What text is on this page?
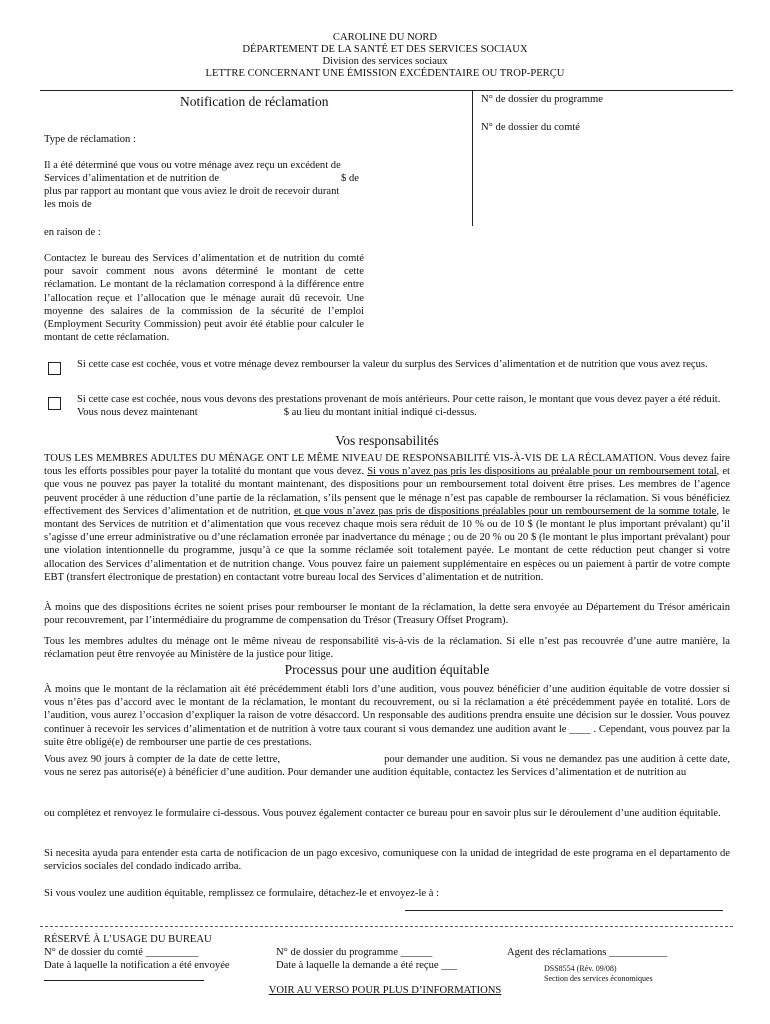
CAROLINE DU NORD
DÉPARTEMENT DE LA SANTÉ ET DES SERVICES SOCIAUX
Division des services sociaux
LETTRE CONCERNANT UNE ÉMISSION EXCÉDENTAIRE OU TROP-PERÇU
Notification de réclamation	N° de dossier du programme
N° de dossier du comté
Type de réclamation :
Il a été déterminé que vous ou votre ménage avez reçu un excédent de
Services d’alimentation et de nutrition de	$ de
plus par rapport au montant que vous aviez le droit de recevoir durant
les mois de
en raison de :
Contactez le bureau des Services d’alimentation et de nutrition du comté pour savoir comment nous avons déterminé le montant de cette réclamation. Le montant de la réclamation correspond à la différence entre l’allocation reçue et l’allocation que le ménage aurait dû recevoir. Une moyenne des salaires de la commission de la sécurité de l’emploi (Employment Security Commission) peut avoir été établie pour calculer le montant de cette réclamation.
Si cette case est cochée, vous et votre ménage devez rembourser la valeur du surplus des Services d’alimentation et de nutrition que vous avez reçus.
Si cette case est cochée, nous vous devons des prestations provenant de mois antérieurs. Pour cette raison, le montant que vous devez payer a été réduit. Vous nous devez maintenant	$ au lieu du montant initial indiqué ci-dessus.
Vos responsabilités
TOUS LES MEMBRES ADULTES DU MÉNAGE ONT LE MÊME NIVEAU DE RESPONSABILITÉ VIS-À-VIS DE LA RÉCLAMATION. Vous devez faire tous les efforts possibles pour payer la totalité du montant que vous devez. Si vous n’avez pas pris les dispositions au préalable pour un remboursement total, et que vous ne pouvez pas payer la totalité du montant maintenant, des dispositions pour un remboursement total doivent être prises. Les membres de l’agence peuvent procéder à une réduction d’une partie de la réclamation, s’ils pensent que le ménage n’est pas capable de rembourser la réclamation. Si vous bénéficiez effectivement des Services d’alimentation et de nutrition, et que vous n’avez pas pris de dispositions préalables pour un remboursement de la somme totale, le montant des Services de nutrition et d’alimentation que vous recevez chaque mois sera réduit de 10 % ou de 10 $ (le montant le plus important prévalant) qu’il s’agisse d’une erreur administrative ou d’une réclamation erronée par inadvertance du ménage ; ou de 20 % ou 20 $ (le montant le plus important prévalant) pour une violation intentionnelle du programme, jusqu’à ce que la somme réclamée soit totalement payée. Le montant de cette réduction peut changer si votre allocation des Services d’alimentation et de nutrition change. Vous pouvez faire un paiement supplémentaire en espèces ou un paiement à partir de votre compte EBT (transfert électronique de prestation) en contactant votre bureau local des Services d’alimentation et de nutrition.
À moins que des dispositions écrites ne soient prises pour rembourser le montant de la réclamation, la dette sera envoyée au Département du Trésor américain pour recouvrement, par l’intermédiaire du programme de compensation du Trésor (Treasury Offset Program).
Tous les membres adultes du ménage ont le même niveau de responsabilité vis-à-vis de la réclamation. Si elle n’est pas recouvrée d’une autre manière, la réclamation peut être renvoyée au Ministère de la justice pour litige.
Processus pour une audition équitable
À moins que le montant de la réclamation ait été précédemment établi lors d’une audition, vous pouvez bénéficier d’une audition équitable de votre dossier si vous n’êtes pas d’accord avec le montant de la réclamation, le montant du recouvrement, ou si la réclamation a été précédemment payée en totalité. Lors de l’audition, vous aurez l’occasion d’expliquer la raison de votre désaccord. Un responsable des auditions prendra ensuite une décision sur le dossier. Vous pouvez continuer à recevoir les services d’alimentation et de nutrition à votre taux courant si vous demandez une audition avant le ____ . Cependant, vous pouvez par la suite être obligé(e) de rembourser une partie de ces prestations.
Vous avez 90 jours à compter de la date de cette lettre,	pour demander une audition. Si vous ne demandez pas une audition à cette date, vous ne serez pas autorisé(e) à bénéficier d’une audition. Pour demander une audition équitable, contactez les Services d’alimentation et de nutrition au
ou complétez et renvoyez le formulaire ci-dessous. Vous pouvez également contacter ce bureau pour en savoir plus sur le déroulement d’une audition équitable.
Si necesita ayuda para entender esta carta de notificacion de un pago excesivo, comuniquese con la unidad de integridad de este programa en el departamento de servicios sociales del condado indicado arriba.
Si vous voulez une audition équitable, remplissez ce formulaire, détachez-le et envoyez-le à :
RÉSERVÉ À L’USAGE DU BUREAU
N° de dossier du comté __________
Date à laquelle la notification a été envoyée
N° de dossier du programme ______
Date à laquelle la demande a été reçue ___
Agent des réclamations ___________
DSS8554 (Rév. 09/08)
Section des services économiques
VOIR AU VERSO POUR PLUS D’INFORMATIONS
